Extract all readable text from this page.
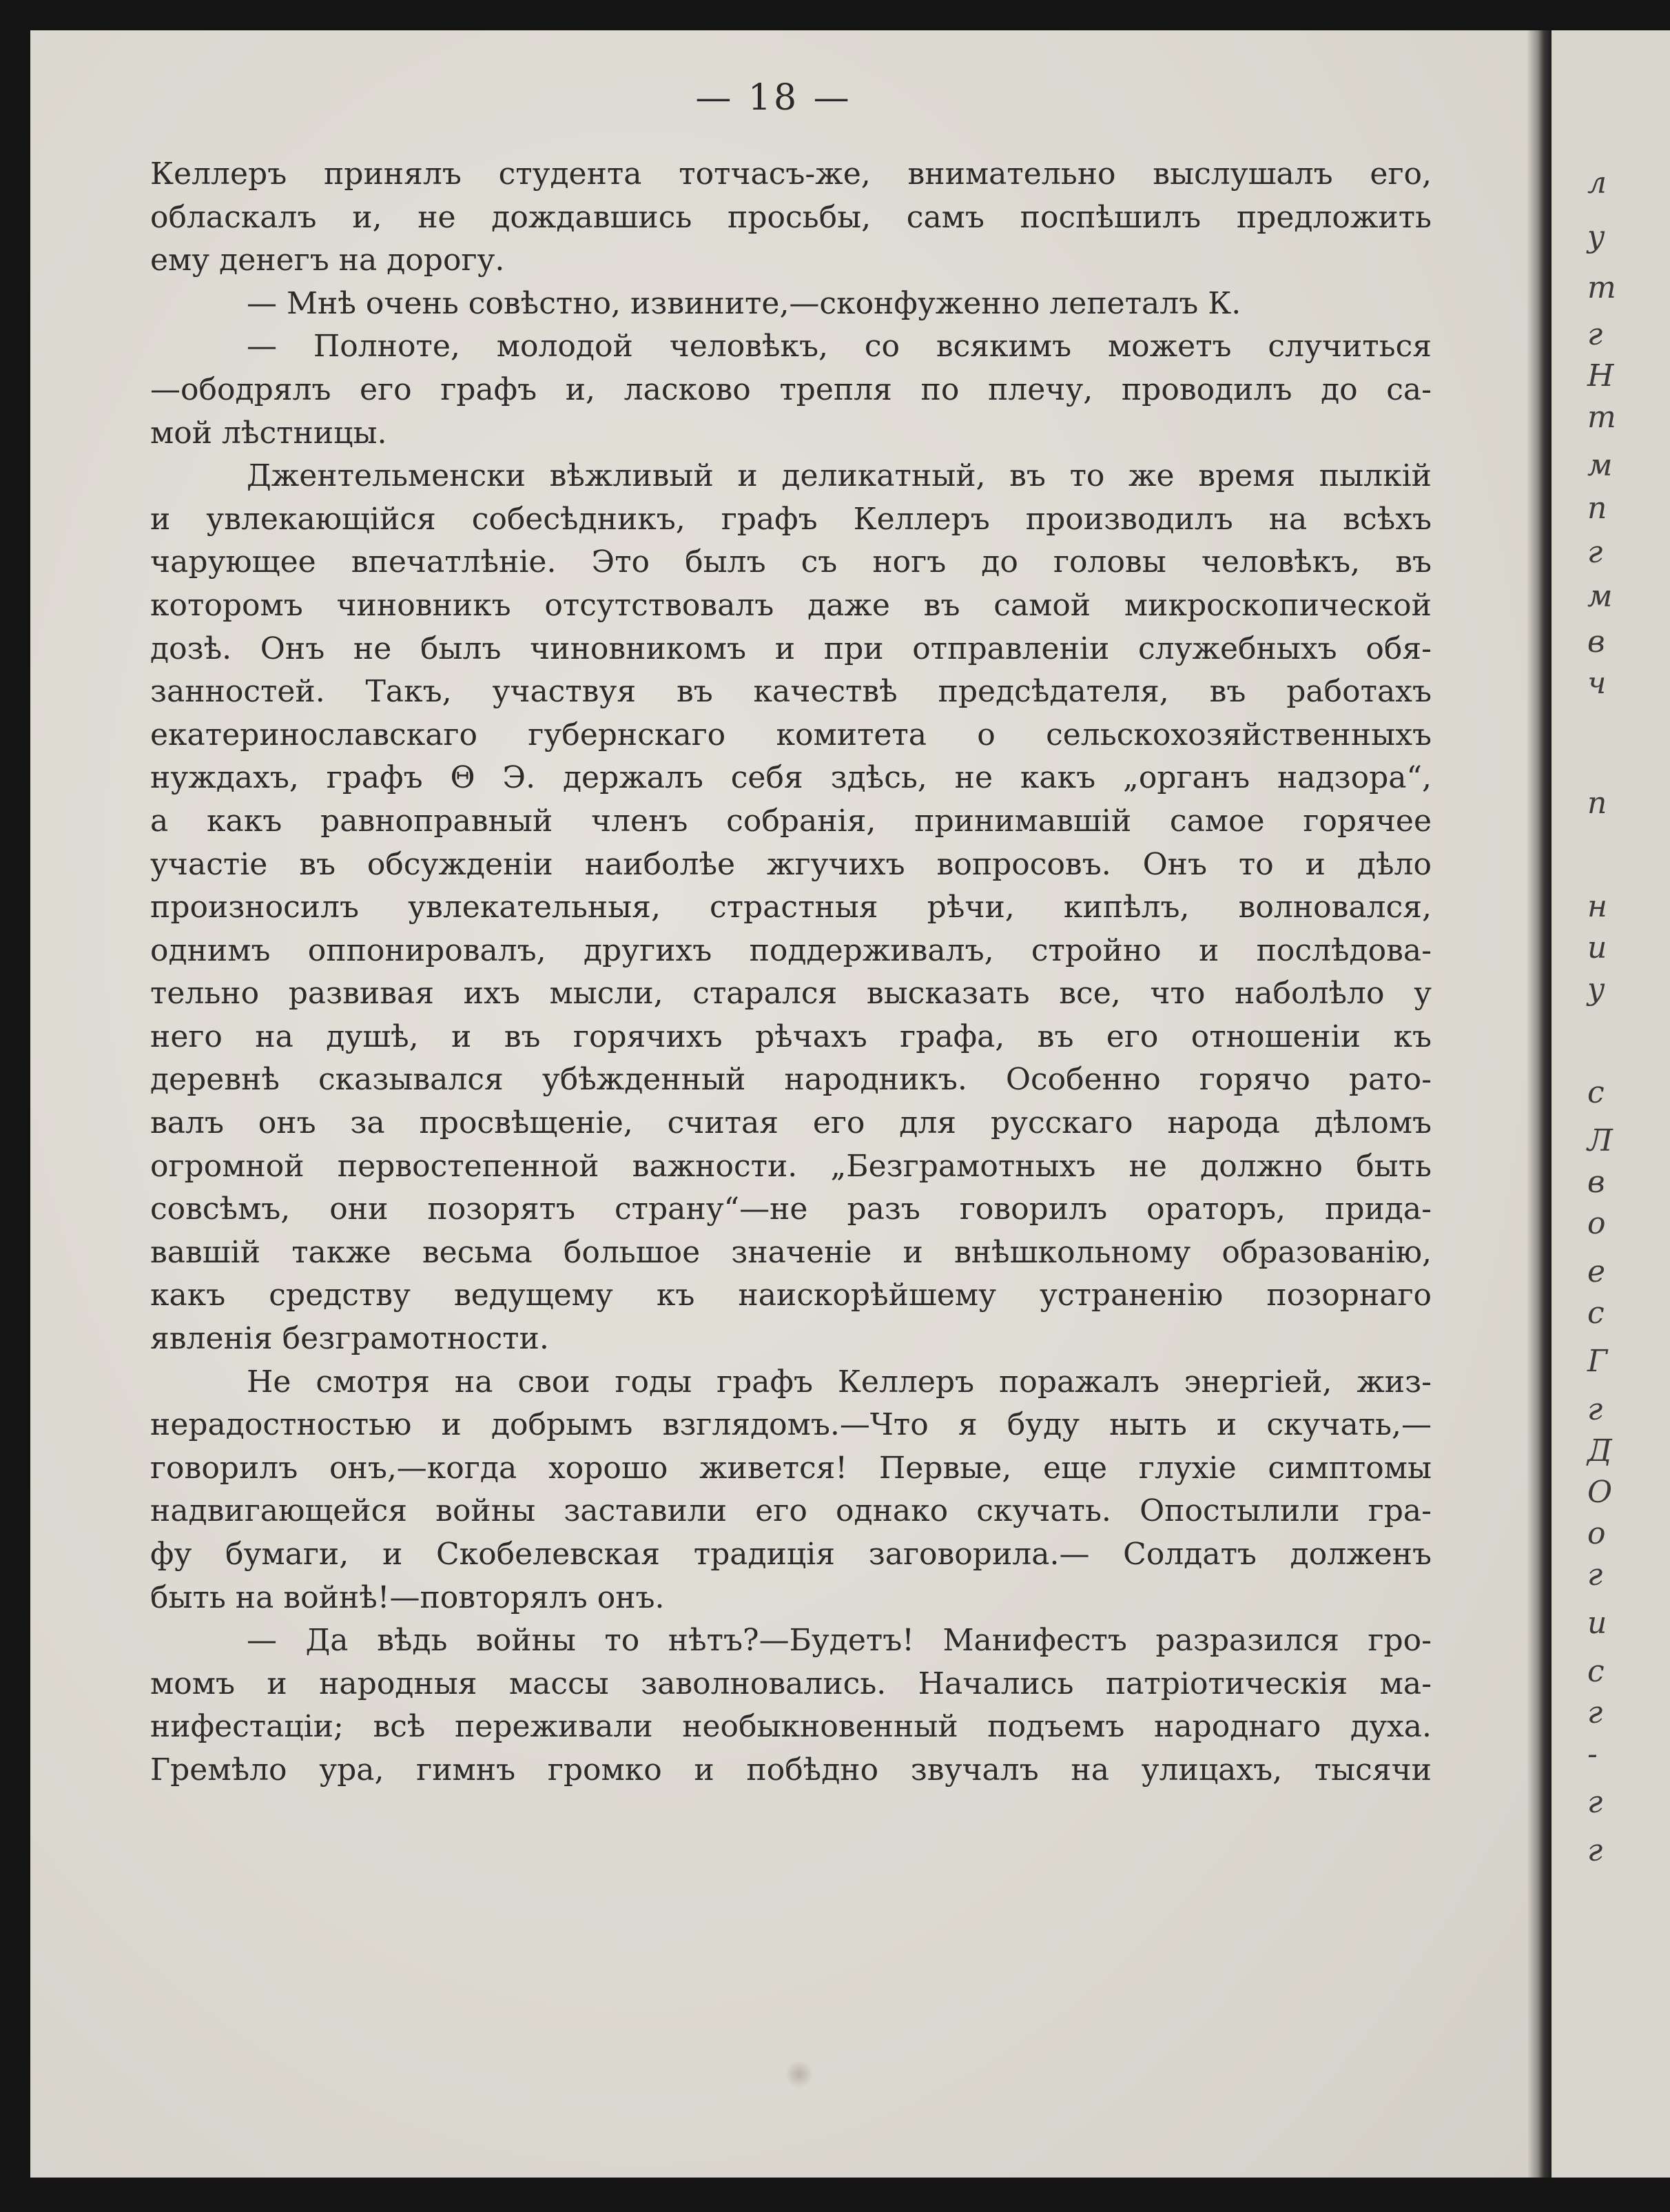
л
у
т
г
Н
т
м
п
г
м
в
ч
п
н
и
у
с
Л
в
о
е
с
Г
г
Д
О
о
г
и
с
г
-
г
г
— 18 —
Келлеръ принялъ студента тотчасъ-же, внимательно выслушалъ его,
обласкалъ и, не дождавшись просьбы, самъ поспѣшилъ предложить
ему денегъ на дорогу.
— Мнѣ очень совѣстно, извините,—сконфуженно лепеталъ К.
— Полноте, молодой человѣкъ, со всякимъ можетъ случиться
—ободрялъ его графъ и, ласково трепля по плечу, проводилъ до са-
мой лѣстницы.
Джентельменски вѣжливый и деликатный, въ то же время пылкій
и увлекающійся собесѣдникъ, графъ Келлеръ производилъ на всѣхъ
чарующее впечатлѣніе. Это былъ съ ногъ до головы человѣкъ, въ
которомъ чиновникъ отсутствовалъ даже въ самой микроскопической
дозѣ. Онъ не былъ чиновникомъ и при отправленіи служебныхъ обя-
занностей. Такъ, участвуя въ качествѣ предсѣдателя, въ работахъ
екатеринославскаго губернскаго комитета о сельскохозяйственныхъ
нуждахъ, графъ Θ Э. держалъ себя здѣсь, не какъ „органъ надзора“,
а какъ равноправный членъ собранія, принимавшій самое горячее
участіе въ обсужденіи наиболѣе жгучихъ вопросовъ. Онъ то и дѣло
произносилъ увлекательныя, страстныя рѣчи, кипѣлъ, волновался,
однимъ оппонировалъ, другихъ поддерживалъ, стройно и послѣдова-
тельно развивая ихъ мысли, старался высказать все, что наболѣло у
него на душѣ, и въ горячихъ рѣчахъ графа, въ его отношеніи къ
деревнѣ сказывался убѣжденный народникъ. Особенно горячо рато-
валъ онъ за просвѣщеніе, считая его для русскаго народа дѣломъ
огромной первостепенной важности. „Безграмотныхъ не должно быть
совсѣмъ, они позорятъ страну“—не разъ говорилъ ораторъ, прида-
вавшій также весьма большое значеніе и внѣшкольному образованію,
какъ средству ведущему къ наискорѣйшему устраненію позорнаго
явленія безграмотности.
Не смотря на свои годы графъ Келлеръ поражалъ энергіей, жиз-
нерадостностью и добрымъ взглядомъ.—Что я буду ныть и скучать,—
говорилъ онъ,—когда хорошо живется! Первые, еще глухіе симптомы
надвигающейся войны заставили его однако скучать. Опостылили гра-
фу бумаги, и Скобелевская традиція заговорила.— Солдатъ долженъ
быть на войнѣ!—повторялъ онъ.
— Да вѣдь войны то нѣтъ?—Будетъ! Манифестъ разразился гро-
момъ и народныя массы заволновались. Начались патріотическія ма-
нифестаціи; всѣ переживали необыкновенный подъемъ народнаго духа.
Гремѣло ура, гимнъ громко и побѣдно звучалъ на улицахъ, тысячи
